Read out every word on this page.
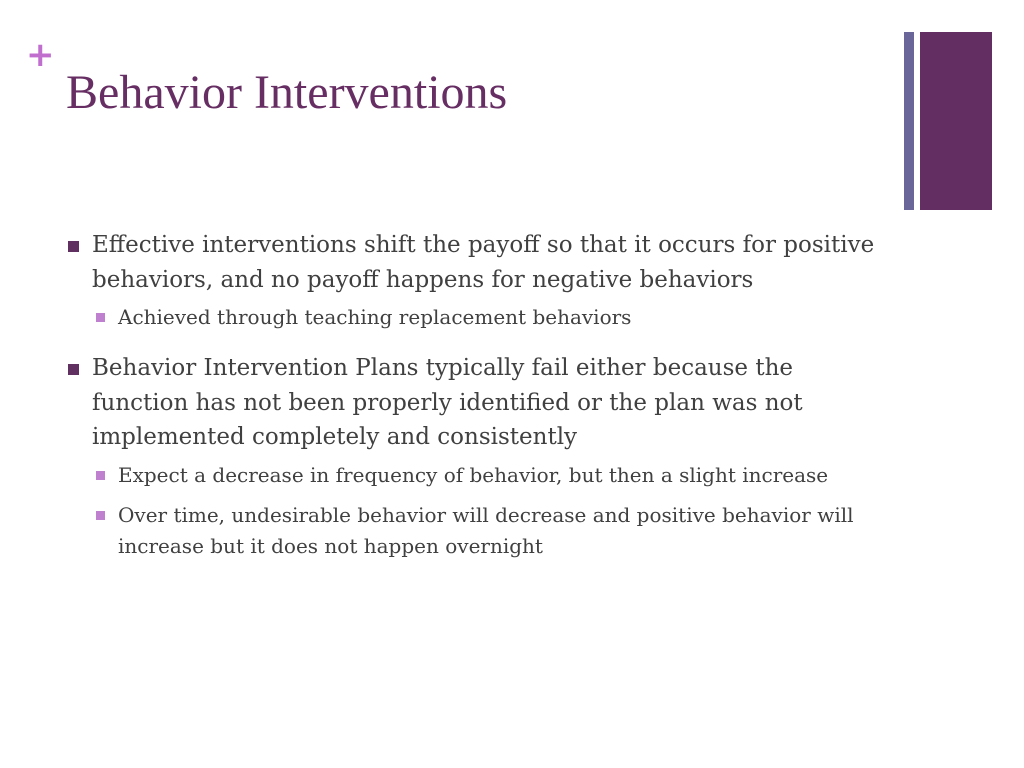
+
Behavior Interventions

Effective interventions shift the payoff so that it occurs for positive behaviors, and no payoff happens for negative behaviors

Achieved through teaching replacement behaviors

Behavior Intervention Plans typically fail either because the function has not been properly identified or the plan was not implemented completely and consistently

Expect a decrease in frequency of behavior, but then a slight increase

Over time, undesirable behavior will decrease and positive behavior will increase but it does not happen overnight
